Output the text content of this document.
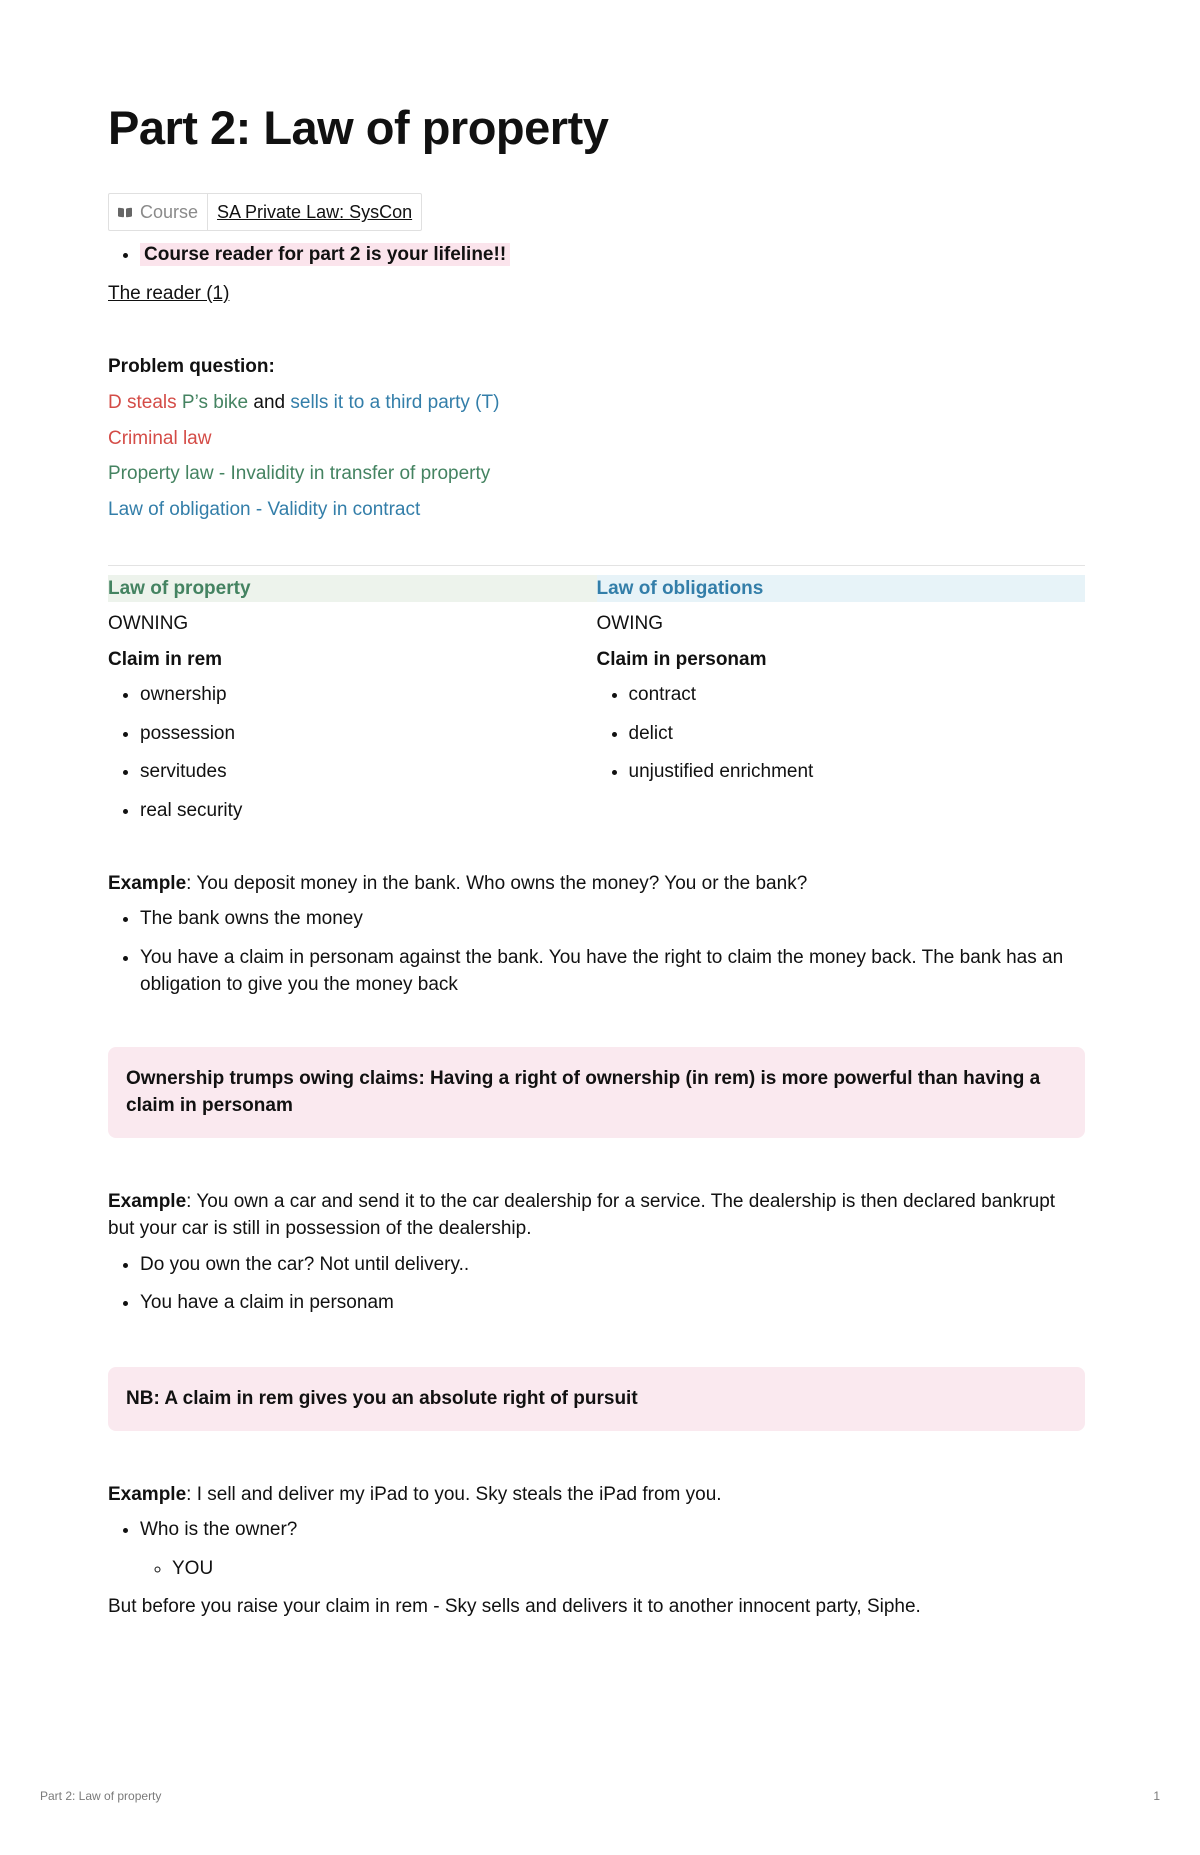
Part 2: Law of property
Course	SA Private Law: SysCon
• Course reader for part 2 is your lifeline!!

The reader (1)

Problem question:

D steals P’s bike and sells it to a third party (T)

Criminal law

Property law - Invalidity in transfer of property

Law of obligation - Validity in contract

Law of property

OWNING

Claim in rem

• ownership
• possession
• servitudes
• real security
Law of obligations

OWING

Claim in personam

• contract
• delict
• unjustified enrichment

Example: You deposit money in the bank. Who owns the money? You or the bank?

• The bank owns the money
• You have a claim in personam against the bank. You have the right to claim the money back. The bank has an obligation to give you the money back
Ownership trumps owing claims: Having a right of ownership (in rem) is more powerful than having a claim in personam

Example: You own a car and send it to the car dealership for a service. The dealership is then declared bankrupt but your car is still in possession of the dealership.

• Do you own the car? Not until delivery..
• You have a claim in personam
NB: A claim in rem gives you an absolute right of pursuit

Example: I sell and deliver my iPad to you. Sky steals the iPad from you.

• Who is the owner?
◦ YOU

But before you raise your claim in rem - Sky sells and delivers it to another innocent party, Siphe.

Part 2: Law of property	1
